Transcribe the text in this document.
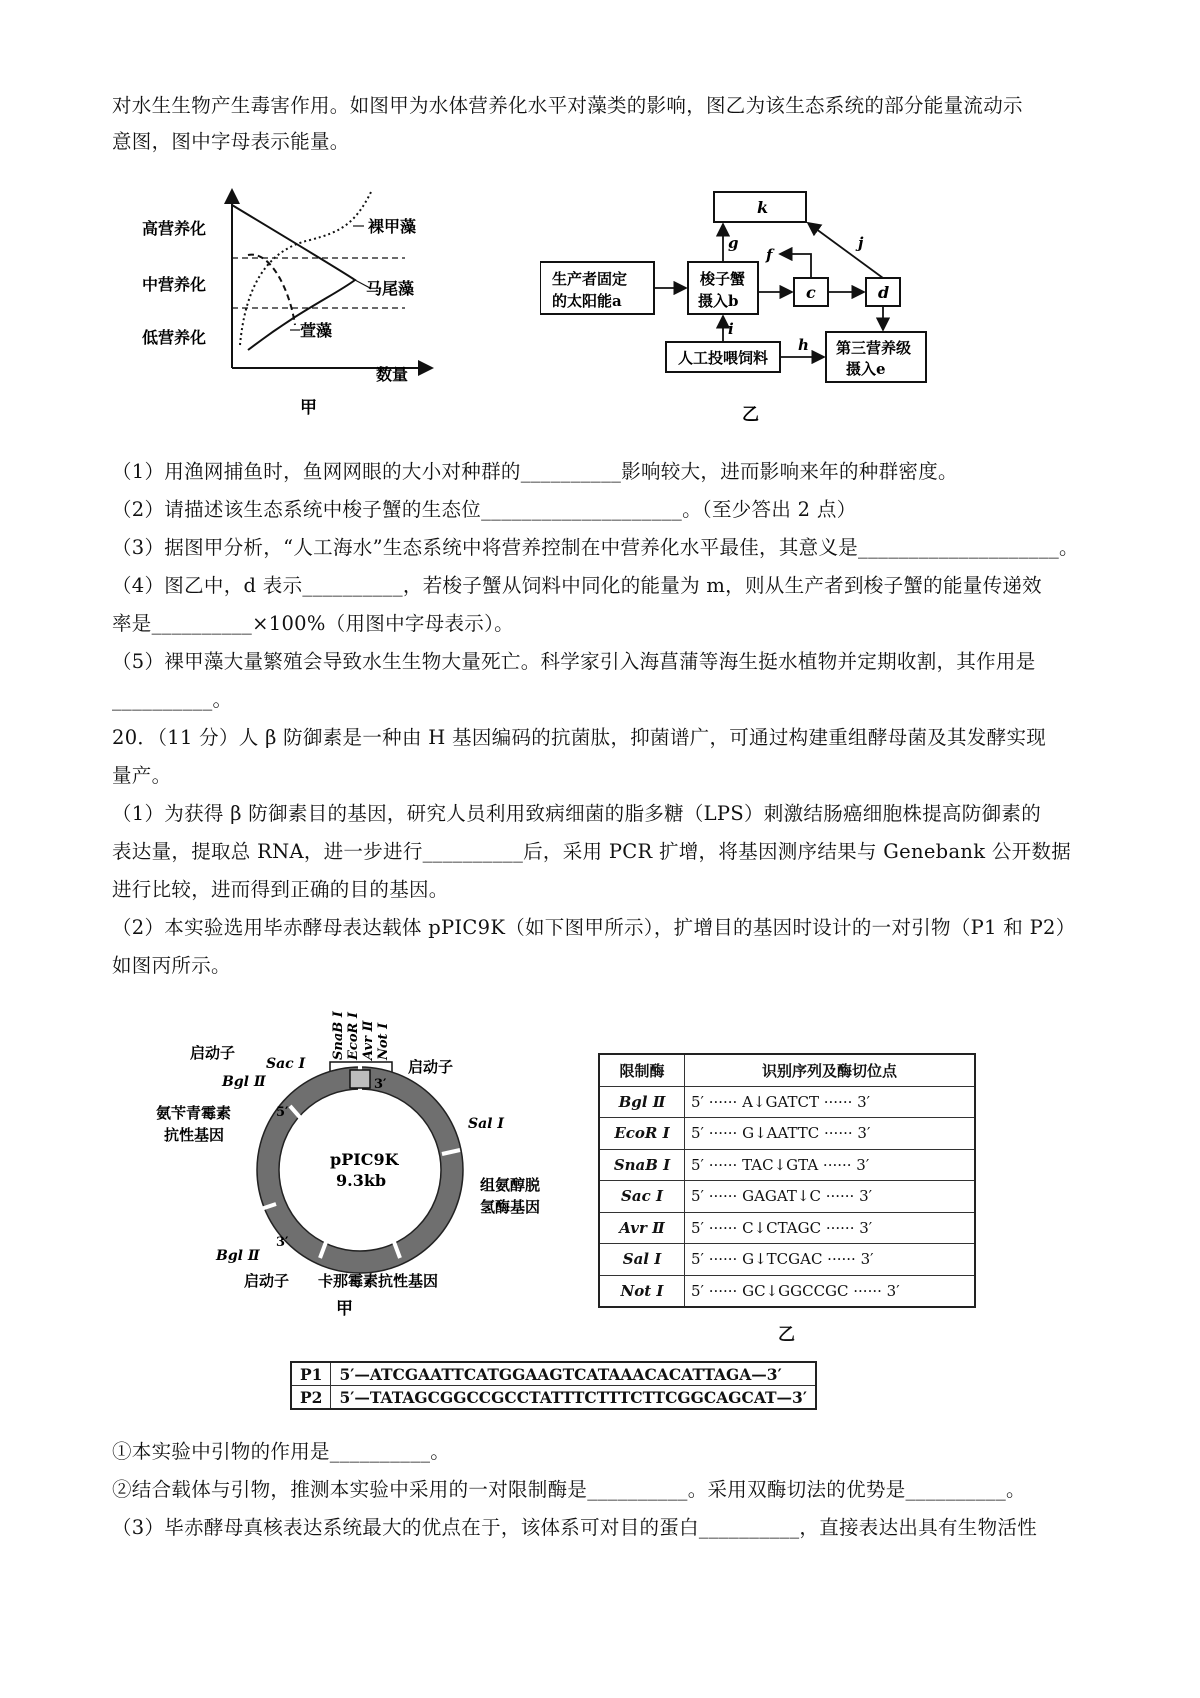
对水生生物产生毒害作用。如图甲为水体营养化水平对藻类的影响，图乙为该生态系统的部分能量流动示
意图，图中字母表示能量。
高营养化
中营养化
低营养化
数量
裸甲藻
马尾藻
萱藻
甲
k
生产者固定
的太阳能a
梭子蟹
摄入b	c	d
人工投喂饲料
第三营养级
摄入e
g	j
f
i
h
乙
（1）用渔网捕鱼时，鱼网网眼的大小对种群的__________影响较大，进而影响来年的种群密度。
（2）请描述该生态系统中梭子蟹的生态位____________________。（至少答出 2 点）
（3）据图甲分析，“人工海水”生态系统中将营养控制在中营养化水平最佳，其意义是____________________。
（4）图乙中，d 表示__________，若梭子蟹从饲料中同化的能量为 m，则从生产者到梭子蟹的能量传递效
率是__________×100%（用图中字母表示）。
（5）裸甲藻大量繁殖会导致水生生物大量死亡。科学家引入海菖蒲等海生挺水植物并定期收割，其作用是
__________。
20．（11 分）人 β 防御素是一种由 H 基因编码的抗菌肽，抑菌谱广，可通过构建重组酵母菌及其发酵实现
量产。
（1）为获得 β 防御素目的基因，研究人员利用致病细菌的脂多糖（LPS）刺激结肠癌细胞株提高防御素的
表达量，提取总 RNA，进一步进行__________后，采用 PCR 扩增，将基因测序结果与 Genebank 公开数据
进行比较，进而得到正确的目的基因。
（2）本实验选用毕赤酵母表达载体 pPIC9K（如下图甲所示），扩增目的基因时设计的一对引物（P1 和 P2）
如图丙所示。
SnaB Ⅰ EcoR Ⅰ Avr Ⅱ Not Ⅰ
5′
3′
3′
pPIC9K
9.3kb
启动子
Sac Ⅰ
Bgl Ⅱ
启动子
氨苄青霉素
抗性基因
Sal Ⅰ
组氨醇脱
氢酶基因
Bgl Ⅱ
启动子 卡那霉素抗性基因
甲
限制酶	识别序列及酶切位点
Bgl Ⅱ	5′ ······ A↓GATCT ······ 3′
EcoR Ⅰ	5′ ······ G↓AATTC ······ 3′
SnaB Ⅰ	5′ ······ TAC↓GTA ······ 3′
Sac Ⅰ	5′ ······ GAGAT↓C ······ 3′
Avr Ⅱ	5′ ······ C↓CTAGC ······ 3′
Sal Ⅰ	5′ ······ G↓TCGAC ······ 3′
Not Ⅰ	5′ ······ GC↓GGCCGC ······ 3′
乙
P1	5′—ATCGAATTCATGGAAGTCATAAACACATTAGA—3′
P2	5′—TATAGCGGCCGCCTATTTCTTTCTTCGGCAGCAT—3′
①本实验中引物的作用是__________。
②结合载体与引物，推测本实验中采用的一对限制酶是__________。采用双酶切法的优势是__________。
（3）毕赤酵母真核表达系统最大的优点在于，该体系可对目的蛋白__________，直接表达出具有生物活性
